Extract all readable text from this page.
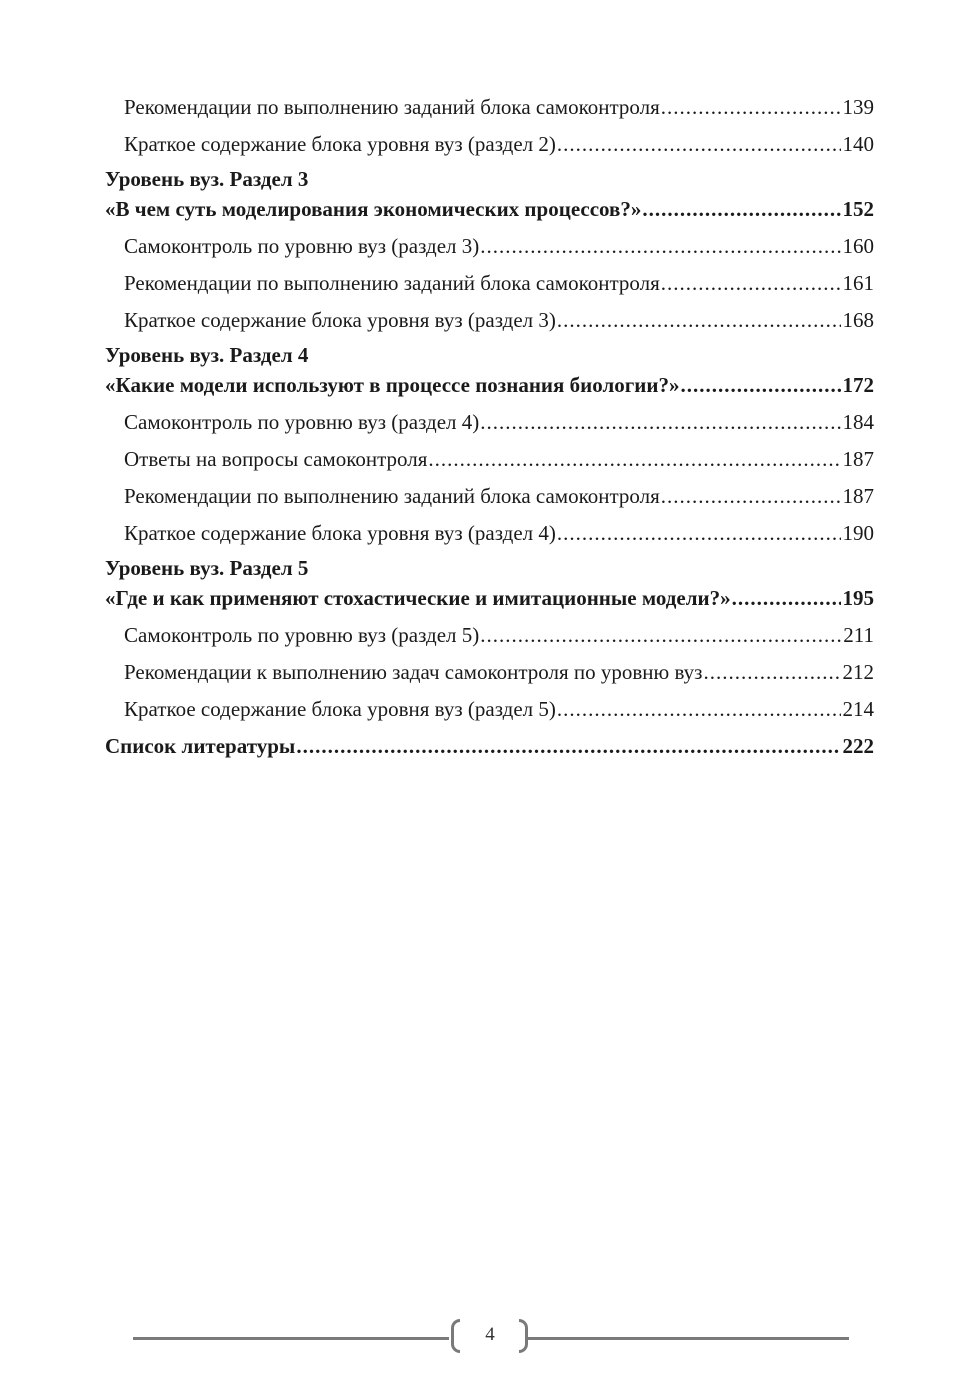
Рекомендации по выполнению заданий блока самоконтроля .....	139
Краткое содержание блока уровня вуз (раздел 2) .....	140
Уровень вуз. Раздел 3
«В чем суть моделирования экономических процессов?» .....	152
Самоконтроль по уровню вуз (раздел 3) .....	160
Рекомендации по выполнению заданий блока самоконтроля .....	161
Краткое содержание блока уровня вуз (раздел 3) .....	168
Уровень вуз. Раздел 4
«Какие модели используют в процессе познания биологии?» .....	172
Самоконтроль по уровню вуз (раздел 4) .....	184
Ответы на вопросы самоконтроля .....	187
Рекомендации по выполнению заданий блока самоконтроля .....	187
Краткое содержание блока уровня вуз (раздел 4) .....	190
Уровень вуз. Раздел 5
«Где и как применяют стохастические и имитационные модели?» .....	195
Самоконтроль по уровню вуз (раздел 5) .....	211
Рекомендации к выполнению задач самоконтроля по уровню вуз .....	212
Краткое содержание блока уровня вуз (раздел 5) .....	214
Список литературы .....	222
4
